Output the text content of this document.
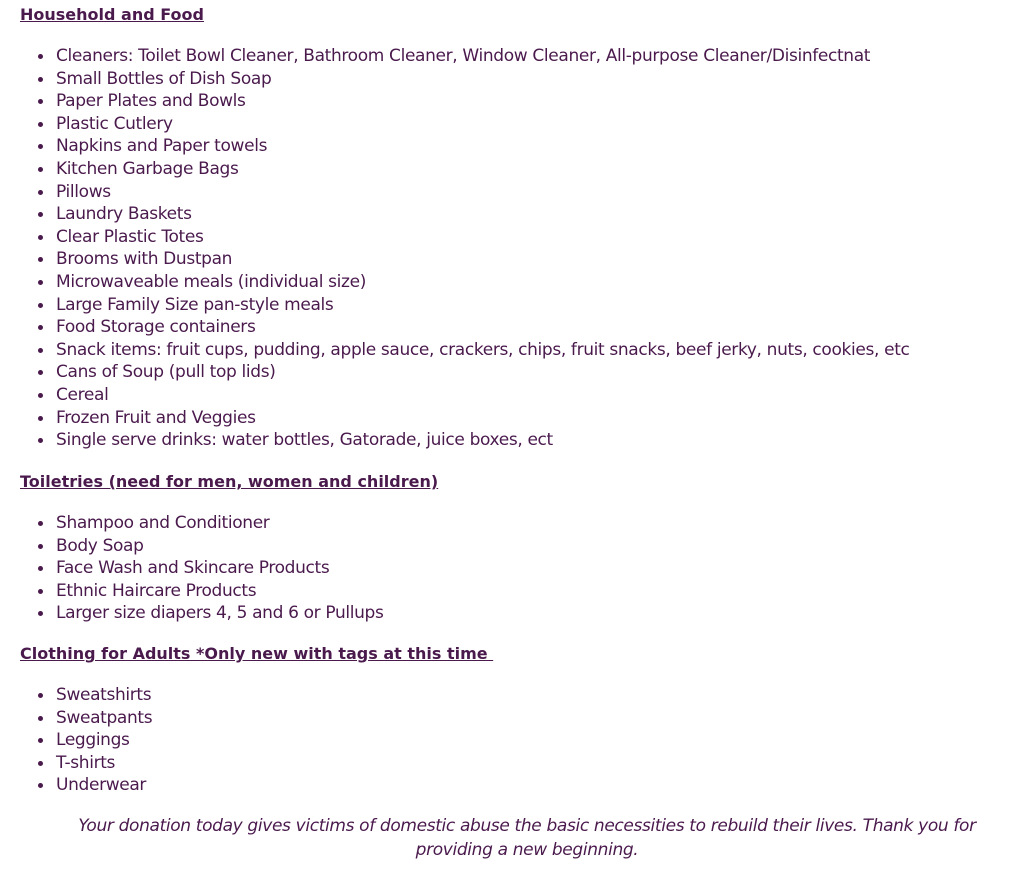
Household and Food
Cleaners: Toilet Bowl Cleaner, Bathroom Cleaner, Window Cleaner, All-purpose Cleaner/Disinfectnat
Small Bottles of Dish Soap
Paper Plates and Bowls
Plastic Cutlery
Napkins and Paper towels
Kitchen Garbage Bags
Pillows
Laundry Baskets
Clear Plastic Totes
Brooms with Dustpan
Microwaveable meals (individual size)
Large Family Size pan-style meals
Food Storage containers
Snack items: fruit cups, pudding, apple sauce, crackers, chips, fruit snacks, beef jerky, nuts, cookies, etc
Cans of Soup (pull top lids)
Cereal
Frozen Fruit and Veggies
Single serve drinks: water bottles, Gatorade, juice boxes, ect
Toiletries (need for men, women and children)
Shampoo and Conditioner
Body Soap
Face Wash and Skincare Products
Ethnic Haircare Products
Larger size diapers 4, 5 and 6 or Pullups
Clothing for Adults *Only new with tags at this time
Sweatshirts
Sweatpants
Leggings
T-shirts
Underwear

Your donation today gives victims of domestic abuse the basic necessities to rebuild their lives. Thank you for providing a new beginning.
